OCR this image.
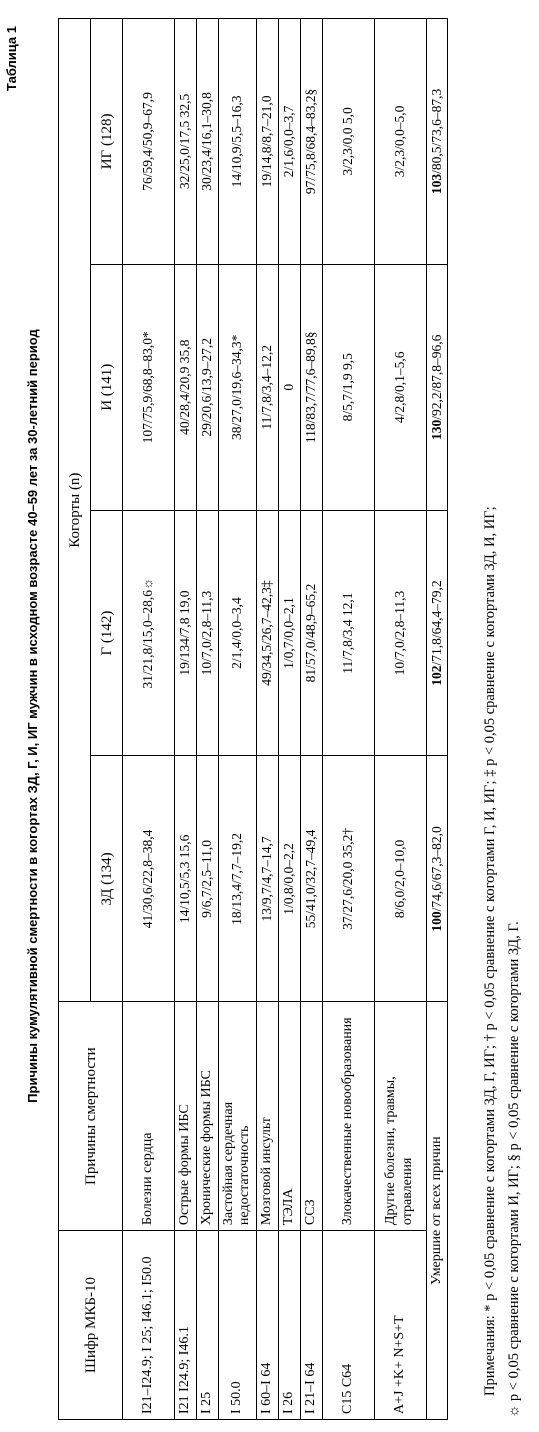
Таблица 1
Причины кумулятивной смертности в когортах ЗД, Г, И, ИГ мужчин в исходном возрасте 40–59 лет за 30-летний период
Шифр МКБ-10	Причины смертности	Когорты (n)			
		ЗД (134)	Г (142)	И (141)	ИГ (128)
I21–I24.9; I 25; I46.1; I50.0	Болезни сердца	41/30,6/22,8–38,4	31/21,8/15,0–28,6☼	107/75,9/68,8–83,0*	76/59,4/50,9–67,9
I21 I24.9; I46.1	Острые формы ИБС	14/10,5/5,3 15,6	19/134/7,8 19,0	40/28,4/20,9 35,8	32/25,0/17,5 32,5
I 25	Хронические формы ИБС	9/6,7/2,5–11,0	10/7,0/2,8–11,3	29/20,6/13,9–27,2	30/23,4/16,1–30,8
I 50.0	Застойная сердечная недостаточность	18/13,4/7,7–19,2	2/1,4/0,0–3,4	38/27,0/19,6–34,3*	14/10,9/5,5–16,3
I 60–I 64	Мозговой инсульт	13/9,7/4,7–14,7	49/34,5/26,7–42,3‡	11/7,8/3,4–12,2	19/14,8/8,7–21,0
I 26	ТЭЛА	1/0,8/0,0–2,2	1/0,7/0,0–2,1	0	2/1,6/0,0–3,7
I 21–I 64	ССЗ	55/41,0/32,7–49,4	81/57,0/48,9–65,2	118/83,7/77,6–89,8§	97/75,8/68,4–83,2§
C15 C64	Злокачественные новообразования	37/27,6/20,0 35,2†	11/7,8/3,4 12,1	8/5,7/1,9 9,5	3/2,3/0,0 5,0
A+J +K+ N+S+T	Другие болезни, травмы, отравления	8/6,0/2,0–10,0	10/7,0/2,8–11,3	4/2,8/0,1–5,6	3/2,3/0,0–5,0
Умершие от всех причин		100/74,6/67,3–82,0	102/71,8/64,4–79,2	130/92,2/87,8–96,6	103/80,5/73,6–87,3

Примечания: * р < 0,05 сравнение с когортами ЗД, Г, ИГ; † р < 0,05 сравнение с когортами Г, И, ИГ; ‡ р < 0,05 сравнение с когортами ЗД, И, ИГ; ☼ р < 0,05 сравнение с когортами И, ИГ; § р < 0,05 сравнение с когортами ЗД, Г.
